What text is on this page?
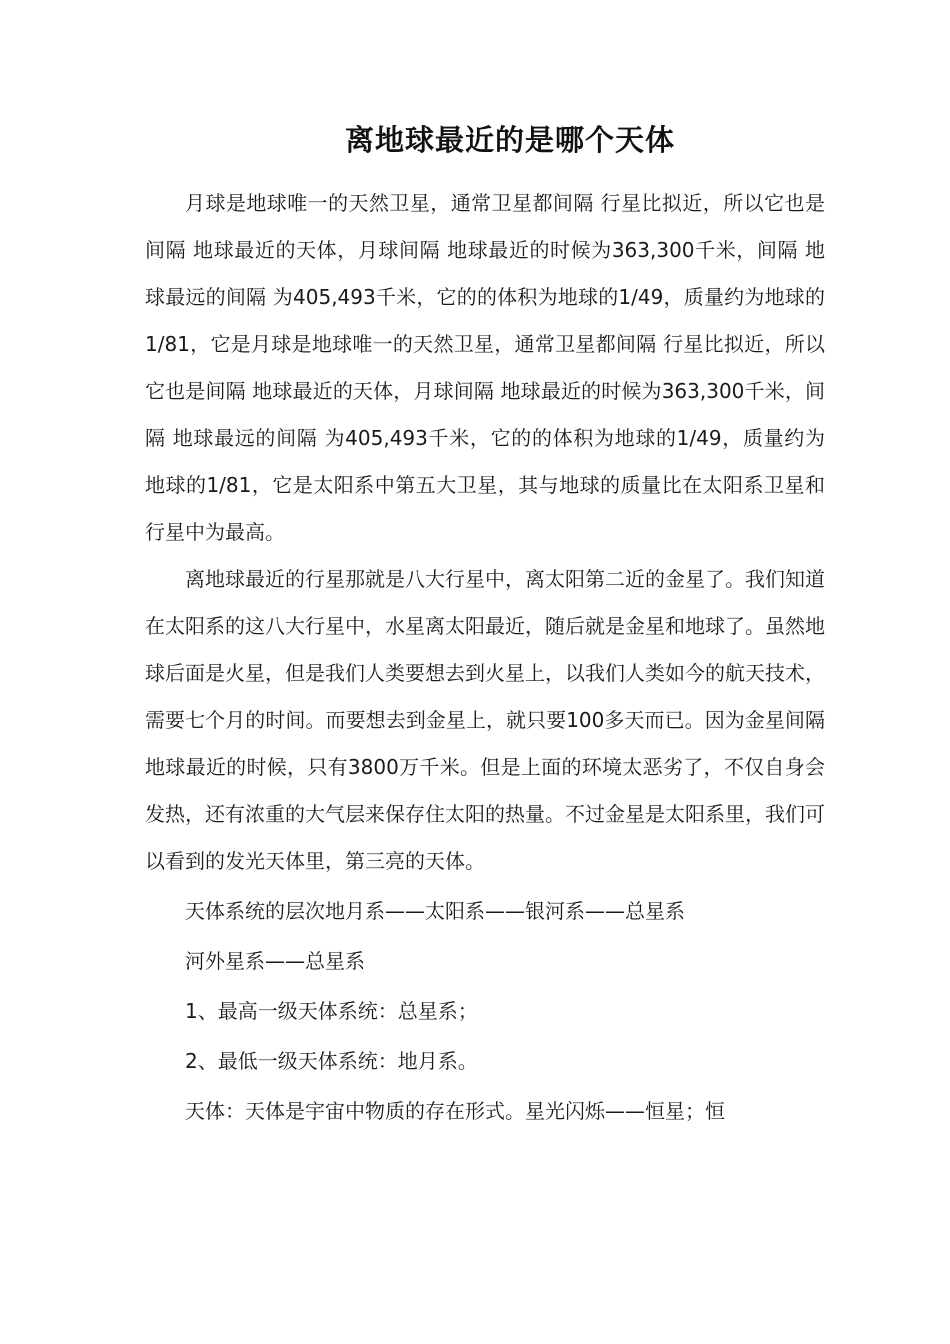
离地球最近的是哪个天体

月球是地球唯一的天然卫星，通常卫星都间隔 行星比拟近，所以它也是间隔 地球最近的天体，月球间隔 地球最近的时候为363,300千米，间隔 地球最远的间隔 为405,493千米，它的的体积为地球的1/49，质量约为地球的1/81，它是月球是地球唯一的天然卫星，通常卫星都间隔 行星比拟近，所以它也是间隔 地球最近的天体，月球间隔 地球最近的时候为363,300千米，间隔 地球最远的间隔 为405,493千米，它的的体积为地球的1/49，质量约为地球的1/81，它是太阳系中第五大卫星，其与地球的质量比在太阳系卫星和行星中为最高。

离地球最近的行星那就是八大行星中，离太阳第二近的金星了。我们知道在太阳系的这八大行星中，水星离太阳最近，随后就是金星和地球了。虽然地球后面是火星，但是我们人类要想去到火星上，以我们人类如今的航天技术，需要七个月的时间。而要想去到金星上，就只要100多天而已。因为金星间隔 地球最近的时候，只有3800万千米。但是上面的环境太恶劣了，不仅自身会发热，还有浓重的大气层来保存住太阳的热量。不过金星是太阳系里，我们可以看到的发光天体里，第三亮的天体。

天体系统的层次地月系——太阳系——银河系——总星系

河外星系——总星系

1、最高一级天体系统：总星系；

2、最低一级天体系统：地月系。

天体：天体是宇宙中物质的存在形式。星光闪烁——恒星；恒
